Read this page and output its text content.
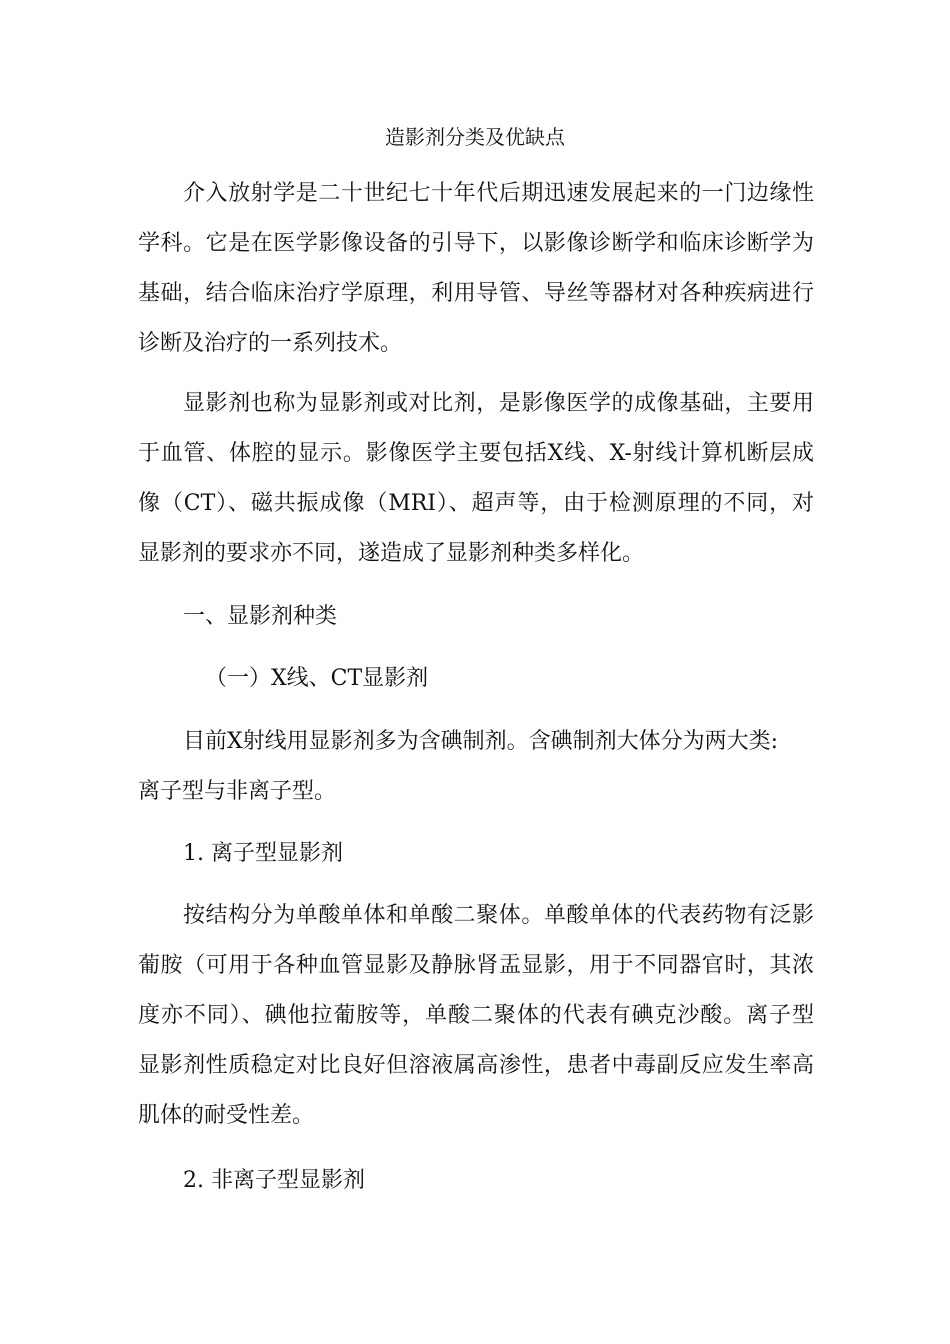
造影剂分类及优缺点
介入放射学是二十世纪七十年代后期迅速发展起来的一门边缘性
学科。它是在医学影像设备的引导下，以影像诊断学和临床诊断学为
基础，结合临床治疗学原理，利用导管、导丝等器材对各种疾病进行
诊断及治疗的一系列技术。
显影剂也称为显影剂或对比剂，是影像医学的成像基础，主要用
于血管、体腔的显示。影像医学主要包括X线、X-射线计算机断层成
像（CT）、磁共振成像（MRI）、超声等，由于检测原理的不同，对
显影剂的要求亦不同，遂造成了显影剂种类多样化。
一、显影剂种类
（一）X线、CT显影剂
目前X射线用显影剂多为含碘制剂。含碘制剂大体分为两大类:
离子型与非离子型。
1. 离子型显影剂
按结构分为单酸单体和单酸二聚体。单酸单体的代表药物有泛影
葡胺（可用于各种血管显影及静脉肾盂显影，用于不同器官时，其浓
度亦不同）、碘他拉葡胺等，单酸二聚体的代表有碘克沙酸。离子型
显影剂性质稳定对比良好但溶液属高渗性，患者中毒副反应发生率高
肌体的耐受性差。
2. 非离子型显影剂
